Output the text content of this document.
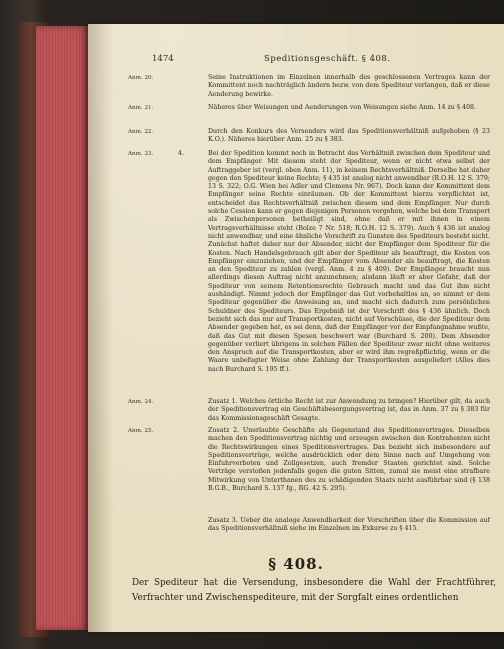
1474	Speditionsgeschäft. § 408.
Anm. 20.	Seine Instruktionen im Einzelnen innerhalb des geschlossenen Vertrages kann der Kommittent noch nachträglich ändern bezw. von dem Spediteur verlangen, daß er diese Aenderung bewirke.
Anm. 21.	Näheres über Weisungen und Aenderungen von Weisungen siehe Anm. 14 zu § 408.
Anm. 22.	Durch den Konkurs des Versenders wird das Speditionsverhältniß aufgehoben (§ 23 K.O.). Näheres hierüber Anm. 25 zu § 383.
Anm. 23.	4.	Bei der Spedition kommt noch in Betracht das Verhältniß zwischen dem Spediteur und dem Empfänger. Mit diesem steht der Spediteur, wenn er nicht etwa selbst der Auftraggeber ist (vergl. oben Anm. 11), in keinem Rechtsverhältniß. Derselbe hat daher gegen den Spediteur keine Rechte; § 435 ist analog nicht anwendbar (R.O.H. 12 S. 379; 13 S. 322; O.G. Wien bei Adler und Clemens Nr. 967). Doch kann der Kommittent dem Empfänger seine Rechte einräumen. Ob der Kommittent hierzu verpflichtet ist, entscheidet das Rechtsverhältniß zwischen diesem und dem Empfänger. Nur durch solche Cession kann er gegen diejenigen Personen vorgehen, welche bei dem Transport als Zwischenpersonen betheiligt sind, ohne daß er mit ihnen in einem Vertragsverhältnisse steht (Bolze 7 Nr. 518; R.O.H. 12 S. 379). Auch § 436 ist analog nicht anwendbar, und eine ähnliche Vorschrift zu Gunsten des Spediteurs besteht nicht. Zunächst haftet daher nur der Absender, nicht der Empfänger dem Spediteur für die Kosten. Nach Handelsgebrauch gilt aber der Spediteur als beauftragt, die Kosten von Empfänger einzuziehen, und der Empfänger vom Absender als beauftragt, die Kosten an den Spediteur zu zahlen (vergl. Anm. 4 zu § 409). Der Empfänger braucht nun allerdings diesen Auftrag nicht anzunehmen; alsdann läuft er aber Gefahr, daß der Spediteur von seinem Retentionsrechte Gebrauch macht und das Gut ihm nicht aushändigt. Nimmt jedoch der Empfänger das Gut vorbehaltlos an, so nimmt er dem Spediteur gegenüber die Anweisung an, und macht sich dadurch zum persönlichen Schuldner des Spediteurs. Das Ergebniß ist der Vorschrift des § 436 ähnlich. Doch bezieht sich das nur auf Transportkosten, nicht auf Vorschüsse, die der Spediteur dem Absender gegeben hat, es sei denn, daß der Empfänger vor der Empfangnahme wußte, daß das Gut mit diesen Spesen beschwert war (Burchard S. 200). Dem Absender gegenüber verliert übrigens in solchen Fällen der Spediteur zwar nicht ohne weiteres den Anspruch auf die Transportkosten, aber er wird ihm regreßpflichtig, wenn er die Waare unbefugter Weise ohne Zahlung der Transportkosten ausgeliefert (Alles dies nach Burchard S. 195 ff.).
Anm. 24.	Zusatz 1. Welches örtliche Recht ist zur Anwendung zu bringen? Hierüber gilt, da auch der Speditionsvertrag ein Geschäftsbesorgungsvertrag ist, das in Anm. 37 zu § 383 für das Kommissionsgeschäft Gesagte.
Anm. 25.	Zusatz 2. Unerlaubte Geschäfte als Gegenstand des Speditionsvertrages. Dieselben machen den Speditionsvertrag nichtig und erzeugen zwischen den Kontrahenten nicht die Rechtswirkungen eines Speditionsvertrages. Das bezieht sich insbesondere auf Speditionsverträge, welche ausdrücklich oder dem Sinne nach auf Umgehung von Einfuhrverboten und Zollgesetzen, auch fremder Staaten gerichtet sind. Solche Verträge verstoßen jedenfalls gegen die guten Sitten, zumal sie meist eine strafbare Mitwirkung von Unterthanen des zu schädigenden Staats nicht ausführbar sind (§ 138 B.G.B., Burchard S. 137 fg., RG. 42 S. 295).
Zusatz 3. Ueber die analoge Anwendbarkeit der Vorschriften über die Kommission auf das Speditionsverhältniß siehe im Einzelnen im Exkurse zu § 415.
§ 408.
Der Spediteur hat die Versendung, insbesondere die Wahl der Frachtführer, Verfrachter und Zwischenspediteure, mit der Sorgfalt eines ordentlichen
